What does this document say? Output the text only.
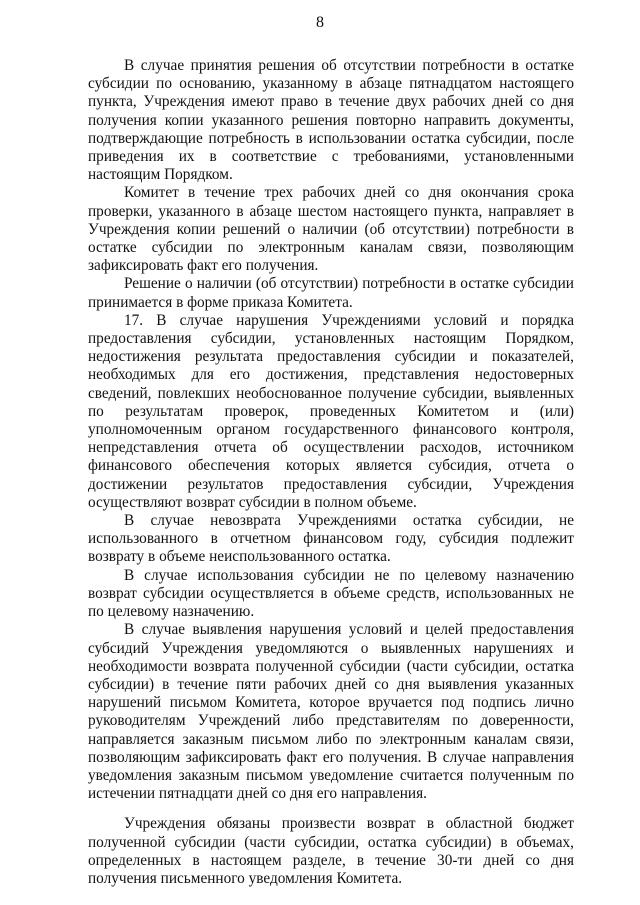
8

В случае принятия решения об отсутствии потребности в остатке субсидии по основанию, указанному в абзаце пятнадцатом настоящего пункта, Учреждения имеют право в течение двух рабочих дней со дня получения копии указанного решения повторно направить документы, подтверждающие потребность в использовании остатка субсидии, после приведения их в соответствие с требованиями, установленными настоящим Порядком.

Комитет в течение трех рабочих дней со дня окончания срока проверки, указанного в абзаце шестом настоящего пункта, направляет в Учреждения копии решений о наличии (об отсутствии) потребности в остатке субсидии по электронным каналам связи, позволяющим зафиксировать факт его получения.

Решение о наличии (об отсутствии) потребности в остатке субсидии принимается в форме приказа Комитета.

17. В случае нарушения Учреждениями условий и порядка предоставления субсидии, установленных настоящим Порядком, недостижения результата предоставления субсидии и показателей, необходимых для его достижения, представления недостоверных сведений, повлекших необоснованное получение субсидии, выявленных по результатам проверок, проведенных Комитетом и (или) уполномоченным органом государственного финансового контроля, непредставления отчета об осуществлении расходов, источником финансового обеспечения которых является субсидия, отчета о достижении результатов предоставления субсидии, Учреждения осуществляют возврат субсидии в полном объеме.

В случае невозврата Учреждениями остатка субсидии, не использованного в отчетном финансовом году, субсидия подлежит возврату в объеме неиспользованного остатка.

В случае использования субсидии не по целевому назначению возврат субсидии осуществляется в объеме средств, использованных не по целевому назначению.

В случае выявления нарушения условий и целей предоставления субсидий Учреждения уведомляются о выявленных нарушениях и необходимости возврата полученной субсидии (части субсидии, остатка субсидии) в течение пяти рабочих дней со дня выявления указанных нарушений письмом Комитета, которое вручается под подпись лично руководителям Учреждений либо представителям по доверенности, направляется заказным письмом либо по электронным каналам связи, позволяющим зафиксировать факт его получения. В случае направления уведомления заказным письмом уведомление считается полученным по истечении пятнадцати дней со дня его направления.

Учреждения обязаны произвести возврат в областной бюджет полученной субсидии (части субсидии, остатка субсидии) в объемах, определенных в настоящем разделе, в течение 30-ти дней со дня получения письменного уведомления Комитета.
